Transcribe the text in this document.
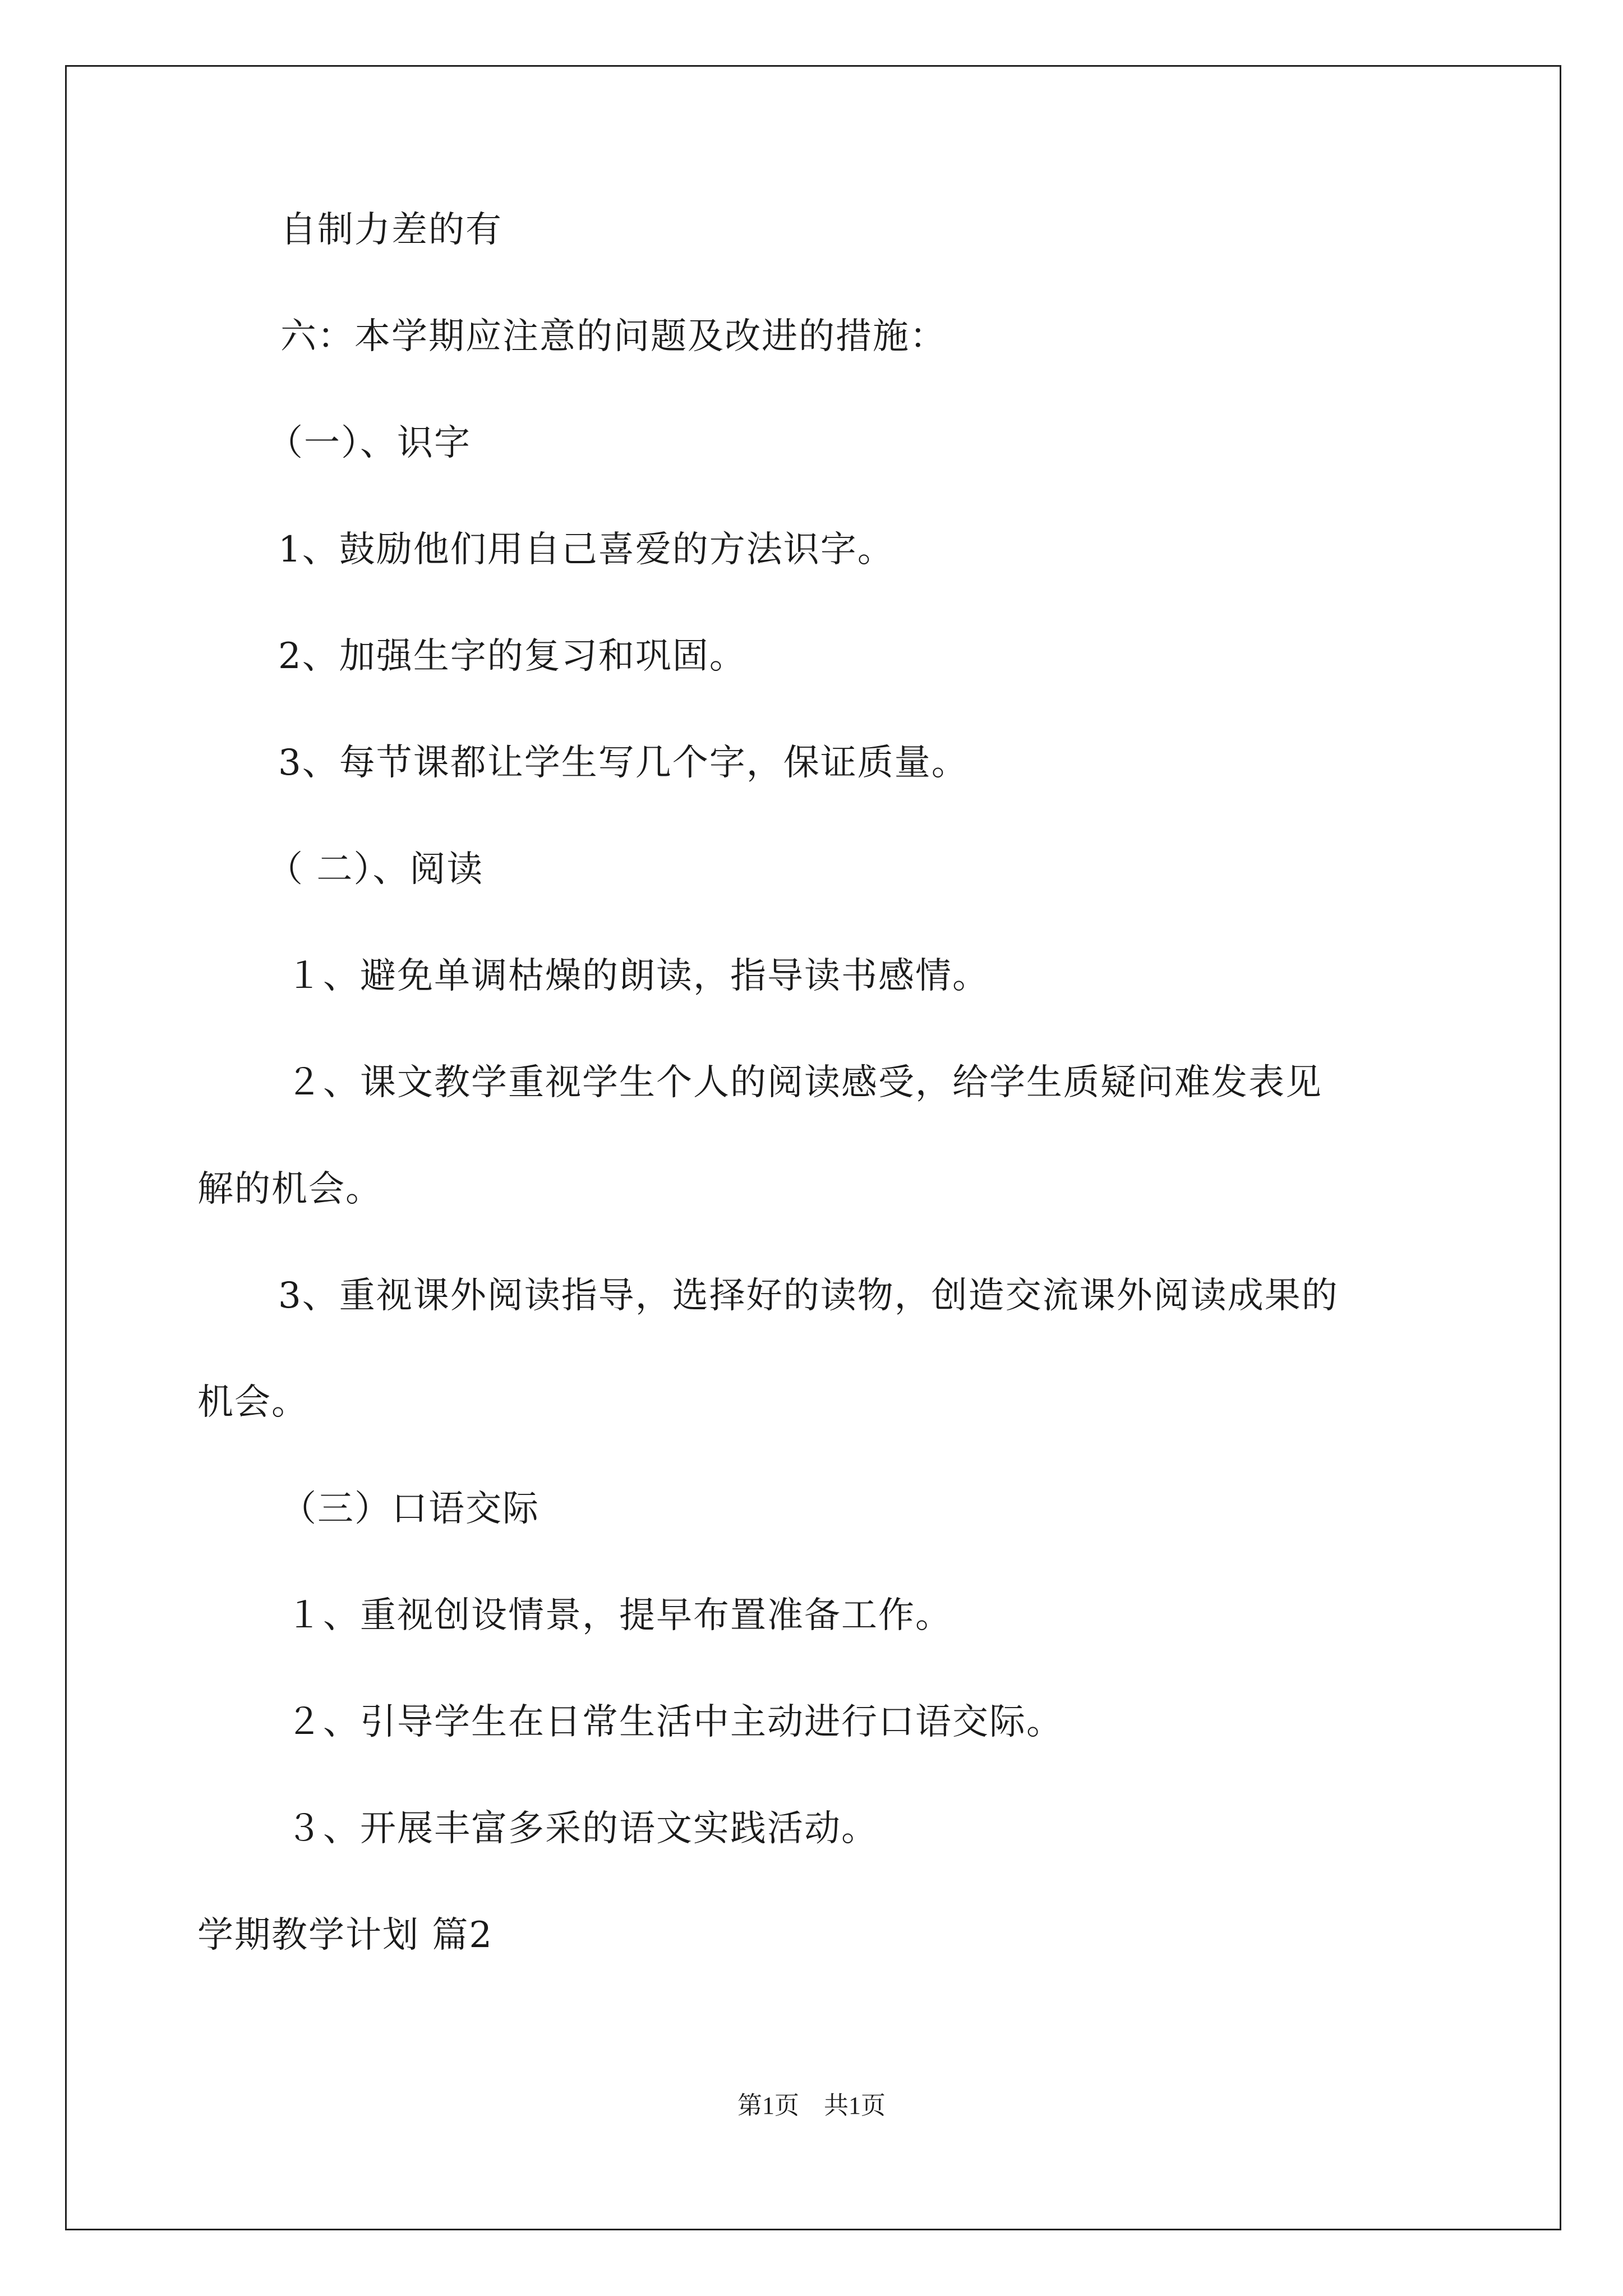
自制力差的有
六：本学期应注意的问题及改进的措施：
（一）、识字
1、鼓励他们用自己喜爱的方法识字。
2、加强生字的复习和巩固。
3、每节课都让学生写几个字，保证质量。
（ 二）、阅读
１、避免单调枯燥的朗读，指导读书感情。
２、课文教学重视学生个人的阅读感受，给学生质疑问难发表见
解的机会。
3、重视课外阅读指导，选择好的读物，创造交流课外阅读成果的
机会。
（三）口语交际
１、重视创设情景，提早布置准备工作。
２、引导学生在日常生活中主动进行口语交际。
３、开展丰富多采的语文实践活动。
学期教学计划 篇2
第1页　共1页
